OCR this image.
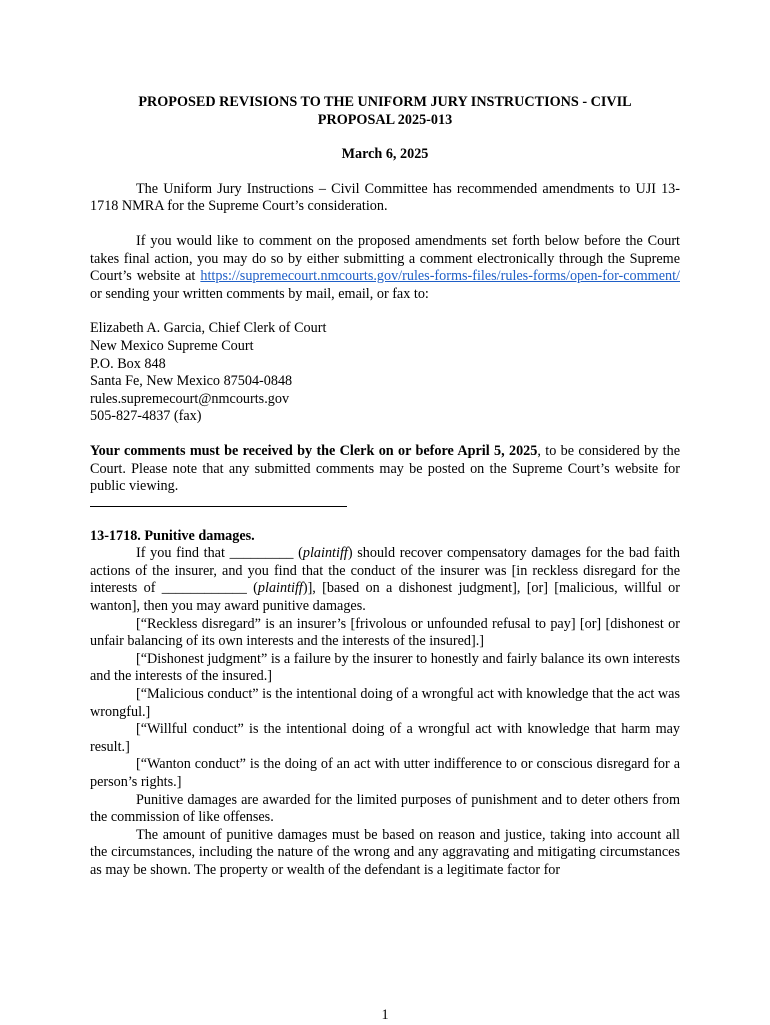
PROPOSED REVISIONS TO THE UNIFORM JURY INSTRUCTIONS - CIVIL

PROPOSAL 2025-013

March 6, 2025

The Uniform Jury Instructions – Civil Committee has recommended amendments to UJI 13-1718 NMRA for the Supreme Court’s consideration.

If you would like to comment on the proposed amendments set forth below before the Court takes final action, you may do so by either submitting a comment electronically through the Supreme Court’s website at https://supremecourt.nmcourts.gov/rules-forms-files/rules-forms/open-for-comment/ or sending your written comments by mail, email, or fax to:

Elizabeth A. Garcia, Chief Clerk of Court
New Mexico Supreme Court
P.O. Box 848
Santa Fe, New Mexico 87504-0848
rules.supremecourt@nmcourts.gov
505-827-4837 (fax)

Your comments must be received by the Clerk on or before April 5, 2025, to be considered by the Court. Please note that any submitted comments may be posted on the Supreme Court’s website for public viewing.

13-1718. Punitive damages.

If you find that _________ (plaintiff) should recover compensatory damages for the bad faith actions of the insurer, and you find that the conduct of the insurer was [in reckless disregard for the interests of ____________ (plaintiff)], [based on a dishonest judgment], [or] [malicious, willful or wanton], then you may award punitive damages.

[“Reckless disregard” is an insurer’s [frivolous or unfounded refusal to pay] [or] [dishonest or unfair balancing of its own interests and the interests of the insured].]

[“Dishonest judgment” is a failure by the insurer to honestly and fairly balance its own interests and the interests of the insured.]

[“Malicious conduct” is the intentional doing of a wrongful act with knowledge that the act was wrongful.]

[“Willful conduct” is the intentional doing of a wrongful act with knowledge that harm may result.]

[“Wanton conduct” is the doing of an act with utter indifference to or conscious disregard for a person’s rights.]

Punitive damages are awarded for the limited purposes of punishment and to deter others from the commission of like offenses.

The amount of punitive damages must be based on reason and justice, taking into account all the circumstances, including the nature of the wrong and any aggravating and mitigating circumstances as may be shown. The property or wealth of the defendant is a legitimate factor for

1
